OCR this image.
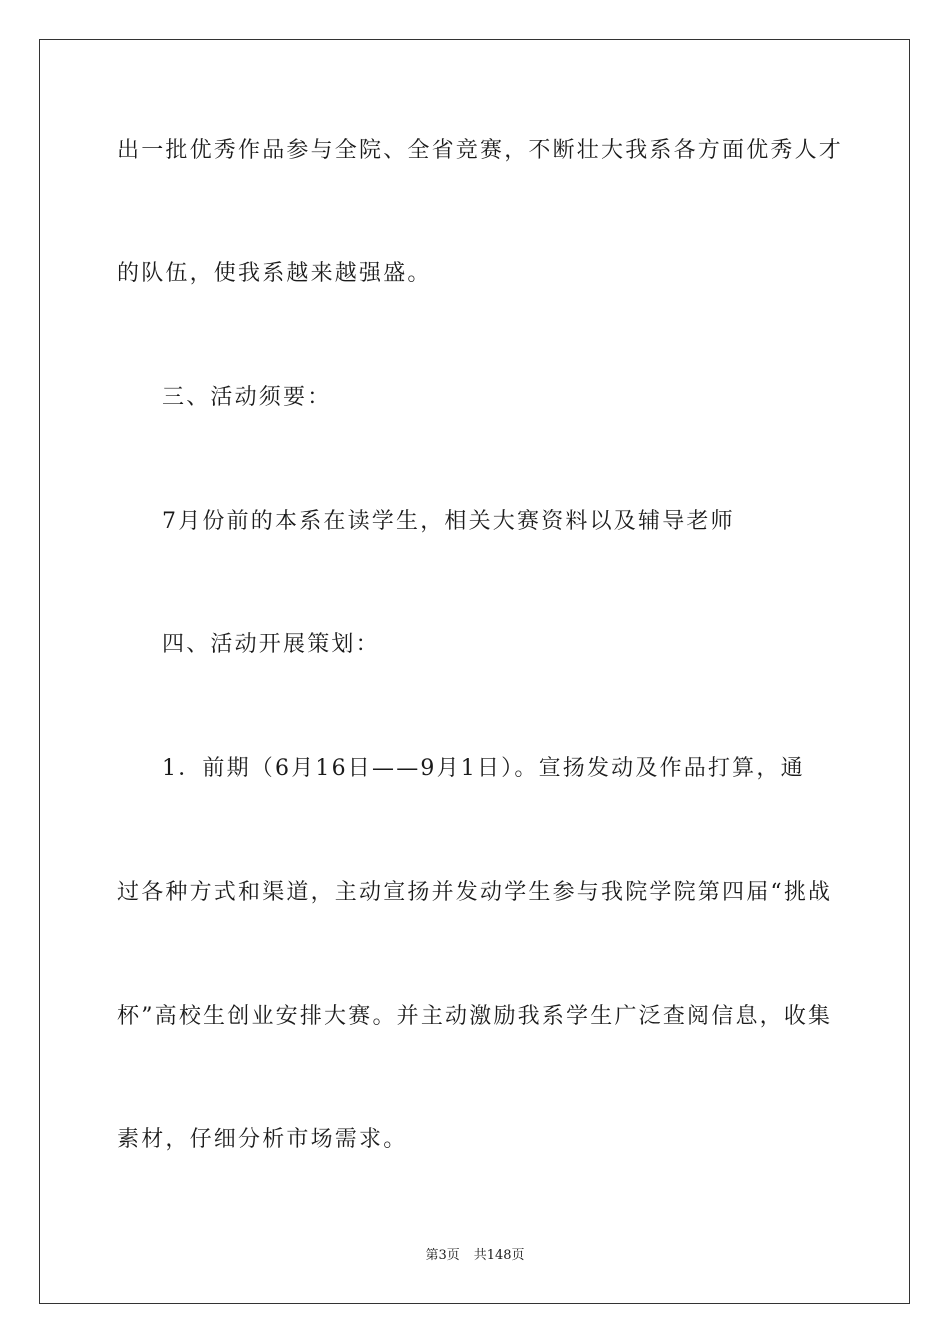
出一批优秀作品参与全院、全省竞赛，不断壮大我系各方面优秀人才
的队伍，使我系越来越强盛。
三、活动须要：
7月份前的本系在读学生，相关大赛资料以及辅导老师
四、活动开展策划：
1．前期（6月16日——9月1日）。宣扬发动及作品打算，通
过各种方式和渠道，主动宣扬并发动学生参与我院学院第四届“挑战
杯”高校生创业安排大赛。并主动激励我系学生广泛查阅信息，收集
素材，仔细分析市场需求。
第3页 共148页
